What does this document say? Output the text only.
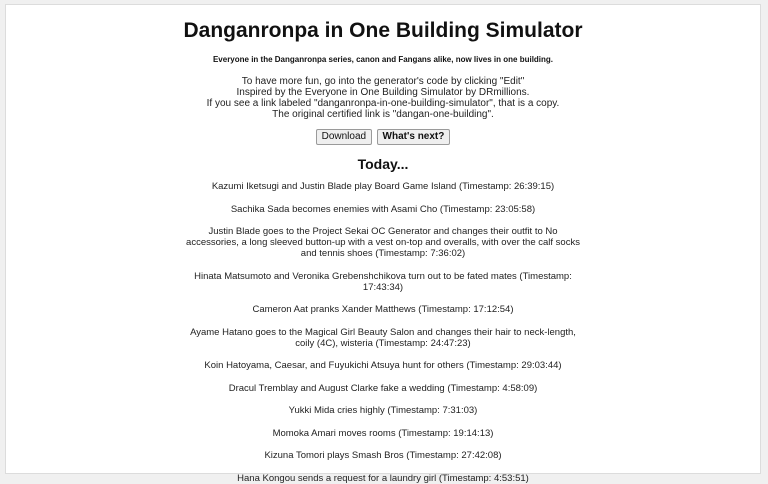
Danganronpa in One Building Simulator
Everyone in the Danganronpa series, canon and Fangans alike, now lives in one building.
To have more fun, go into the generator's code by clicking "Edit"
Inspired by the Everyone in One Building Simulator by DRmillions.
If you see a link labeled "danganronpa-in-one-building-simulator", that is a copy.
The original certified link is "dangan-one-building".
Download What's next?
Today...
Kazumi Iketsugi and Justin Blade play Board Game Island (Timestamp: 26:39:15)
Sachika Sada becomes enemies with Asami Cho (Timestamp: 23:05:58)
Justin Blade goes to the Project Sekai OC Generator and changes their outfit to No accessories, a long sleeved button-up with a vest on-top and overalls, with over the calf socks and tennis shoes (Timestamp: 7:36:02)
Hinata Matsumoto and Veronika Grebenshchikova turn out to be fated mates (Timestamp: 17:43:34)
Cameron Aat pranks Xander Matthews (Timestamp: 17:12:54)
Ayame Hatano goes to the Magical Girl Beauty Salon and changes their hair to neck-length, coily (4C), wisteria (Timestamp: 24:47:23)
Koin Hatoyama, Caesar, and Fuyukichi Atsuya hunt for others (Timestamp: 29:03:44)
Dracul Tremblay and August Clarke fake a wedding (Timestamp: 4:58:09)
Yukki Mida cries highly (Timestamp: 7:31:03)
Momoka Amari moves rooms (Timestamp: 19:14:13)
Kizuna Tomori plays Smash Bros (Timestamp: 27:42:08)
Hana Kongou sends a request for a laundry girl (Timestamp: 4:53:51)
